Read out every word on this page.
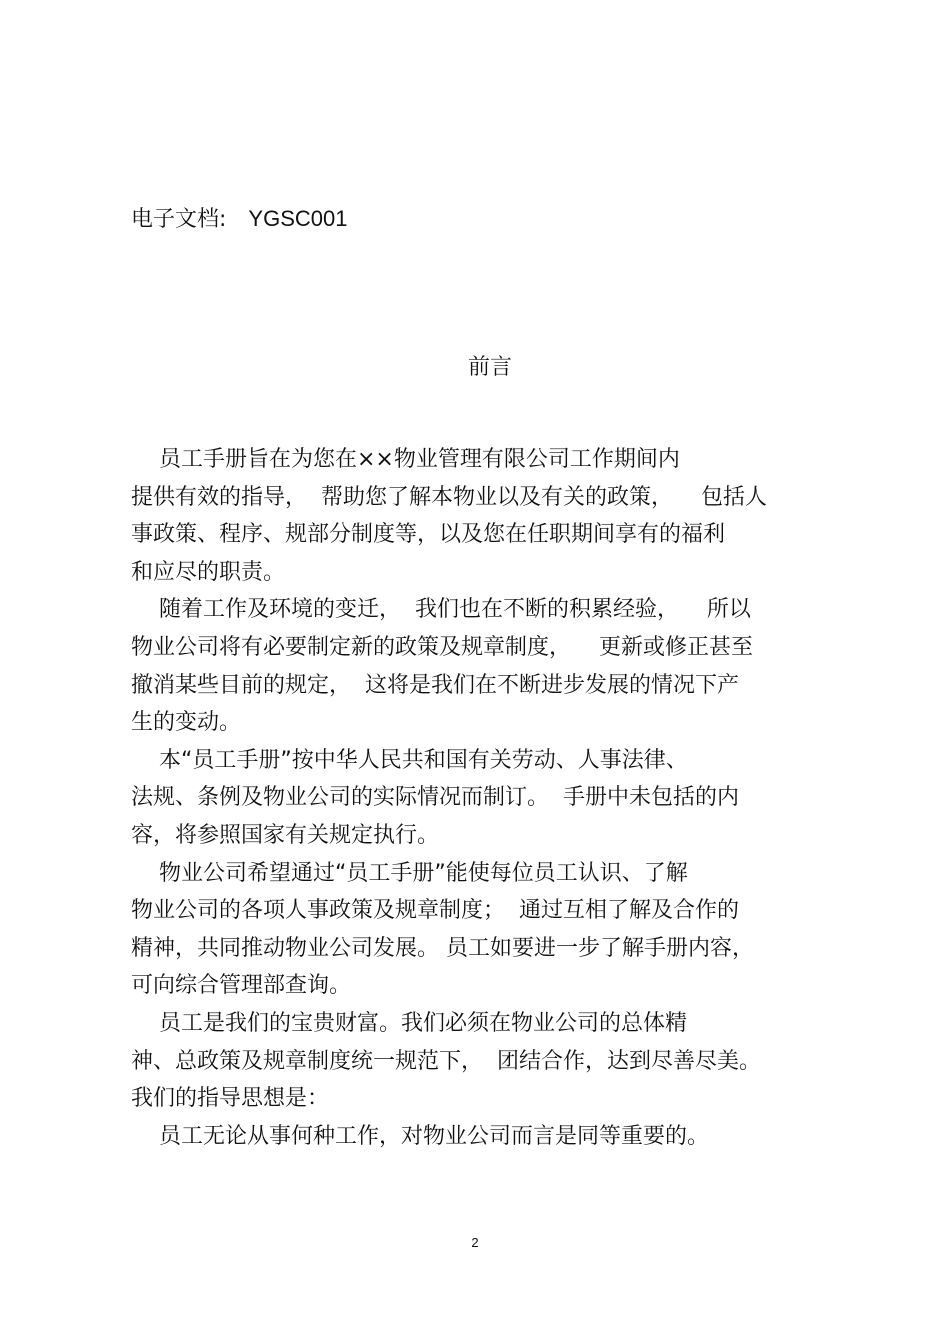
电子文档: YGSC001
前言
员工手册旨在为您在××物业管理有限公司工作期间内
提供有效的指导，  帮助您了解本物业以及有关的政策，    包括人
事政策、程序、规部分制度等，以及您在任职期间享有的福利
和应尽的职责。
随着工作及环境的变迁，  我们也在不断的积累经验，    所以
物业公司将有必要制定新的政策及规章制度，    更新或修正甚至
撤消某些目前的规定，  这将是我们在不断进步发展的情况下产
生的变动。
本“员工手册”按中华人民共和国有关劳动、人事法律、
法规、条例及物业公司的实际情况而制订。  手册中未包括的内
容，将参照国家有关规定执行。
物业公司希望通过“员工手册”能使每位员工认识、了解
物业公司的各项人事政策及规章制度；  通过互相了解及合作的
精神，共同推动物业公司发展。 员工如要进一步了解手册内容，
可向综合管理部查询。
员工是我们的宝贵财富。我们必须在物业公司的总体精
神、总政策及规章制度统一规范下，  团结合作，达到尽善尽美。
我们的指导思想是：
员工无论从事何种工作，对物业公司而言是同等重要的。
2
